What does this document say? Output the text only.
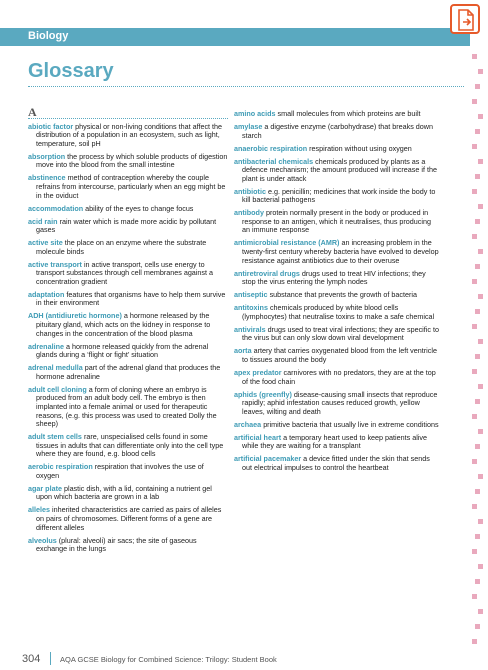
Biology
Glossary
A
abiotic factor physical or non-living conditions that affect the distribution of a population in an ecosystem, such as light, temperature, soil pH
absorption the process by which soluble products of digestion move into the blood from the small intestine
abstinence method of contraception whereby the couple refrains from intercourse, particularly when an egg might be in the oviduct
accommodation ability of the eyes to change focus
acid rain rain water which is made more acidic by pollutant gases
active site the place on an enzyme where the substrate molecule binds
active transport in active transport, cells use energy to transport substances through cell membranes against a concentration gradient
adaptation features that organisms have to help them survive in their environment
ADH (antidiuretic hormone) a hormone released by the pituitary gland, which acts on the kidney in response to changes in the concentration of the blood plasma
adrenaline a hormone released quickly from the adrenal glands during a ‘flight or fight’ situation
adrenal medulla part of the adrenal gland that produces the hormone adrenaline
adult cell cloning a form of cloning where an embryo is produced from an adult body cell. The embryo is then implanted into a female animal or used for therapeutic reasons, (e.g. this process was used to created Dolly the sheep)
adult stem cells rare, unspecialised cells found in some tissues in adults that can differentiate only into the cell type where they are found, e.g. blood cells
aerobic respiration respiration that involves the use of oxygen
agar plate plastic dish, with a lid, containing a nutrient gel upon which bacteria are grown in a lab
alleles inherited characteristics are carried as pairs of alleles on pairs of chromosomes. Different forms of a gene are different alleles
alveolus (plural: alveoli) air sacs; the site of gaseous exchange in the lungs
amino acids small molecules from which proteins are built
amylase a digestive enzyme (carbohydrase) that breaks down starch
anaerobic respiration respiration without using oxygen
antibacterial chemicals chemicals produced by plants as a defence mechanism; the amount produced will increase if the plant is under attack
antibiotic e.g. penicillin; medicines that work inside the body to kill bacterial pathogens
antibody protein normally present in the body or produced in response to an antigen, which it neutralises, thus producing an immune response
antimicrobial resistance (AMR) an increasing problem in the twenty-first century whereby bacteria have evolved to develop resistance against antibiotics due to their overuse
antiretroviral drugs drugs used to treat HIV infections; they stop the virus entering the lymph nodes
antiseptic substance that prevents the growth of bacteria
antitoxins chemicals produced by white blood cells (lymphocytes) that neutralise toxins to make a safe chemical
antivirals drugs used to treat viral infections; they are specific to the virus but can only slow down viral development
aorta artery that carries oxygenated blood from the left ventricle to tissues around the body
apex predator carnivores with no predators, they are at the top of the food chain
aphids (greenfly) disease-causing small insects that reproduce rapidly; aphid infestation causes reduced growth, yellow leaves, wilting and death
archaea primitive bacteria that usually live in extreme conditions
artificial heart a temporary heart used to keep patients alive while they are waiting for a transplant
artificial pacemaker a device fitted under the skin that sends out electrical impulses to control the heartbeat
304	AQA GCSE Biology for Combined Science: Trilogy: Student Book
